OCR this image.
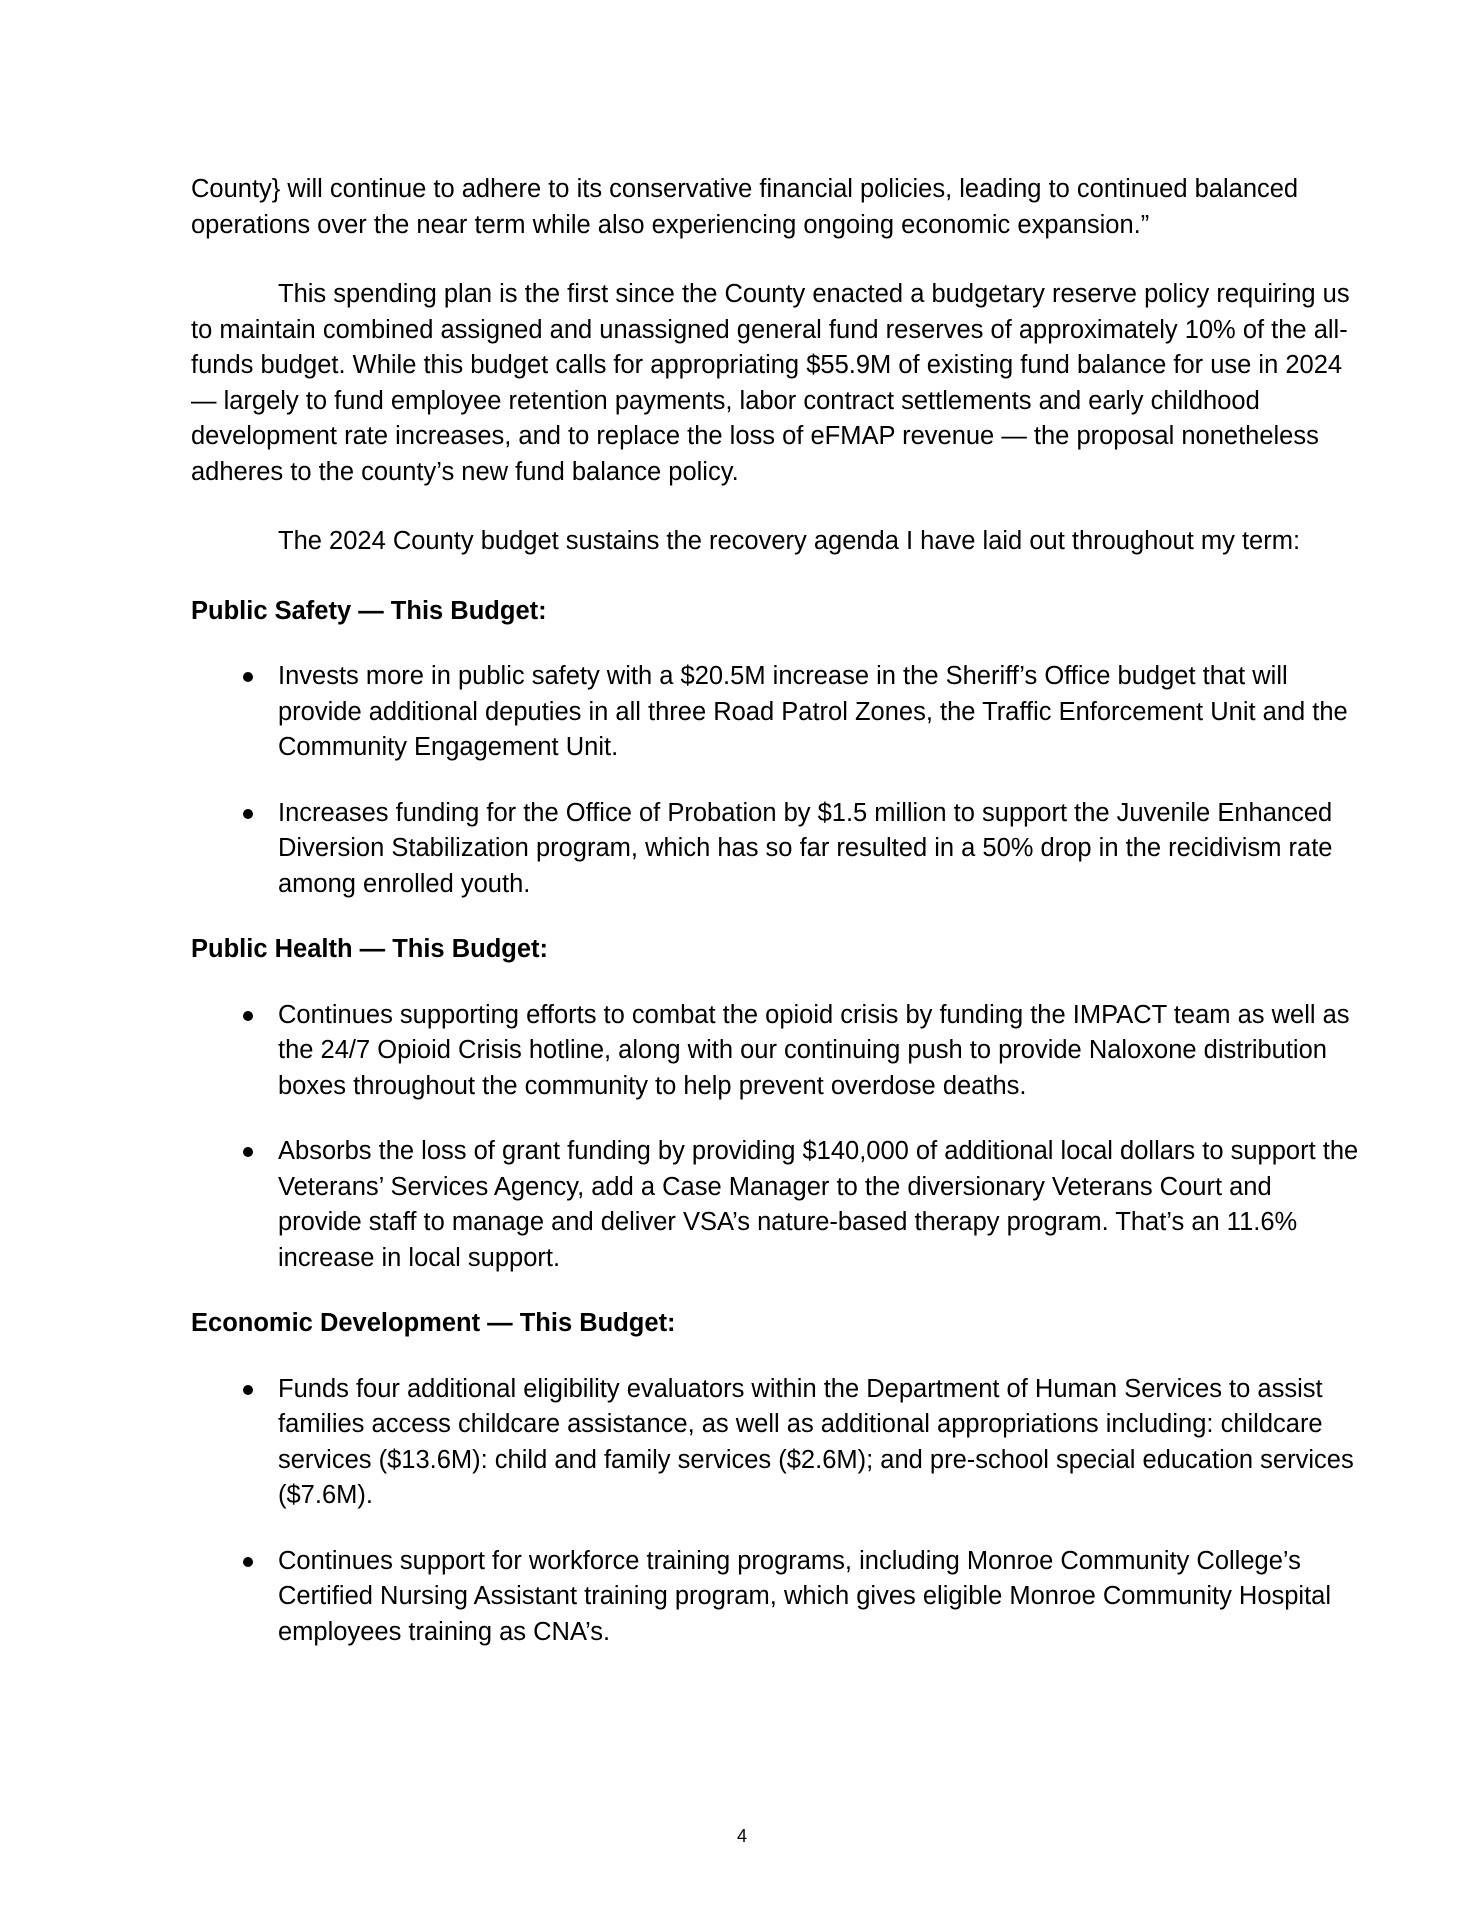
County} will continue to adhere to its conservative financial policies, leading to continued balanced operations over the near term while also experiencing ongoing economic expansion.”

This spending plan is the first since the County enacted a budgetary reserve policy requiring us to maintain combined assigned and unassigned general fund reserves of approximately 10% of the all-funds budget. While this budget calls for appropriating $55.9M of existing fund balance for use in 2024 — largely to fund employee retention payments, labor contract settlements and early childhood development rate increases, and to replace the loss of eFMAP revenue — the proposal nonetheless adheres to the county’s new fund balance policy.

The 2024 County budget sustains the recovery agenda I have laid out throughout my term:

Public Safety — This Budget:

Invests more in public safety with a $20.5M increase in the Sheriff’s Office budget that will provide additional deputies in all three Road Patrol Zones, the Traffic Enforcement Unit and the Community Engagement Unit.
Increases funding for the Office of Probation by $1.5 million to support the Juvenile Enhanced Diversion Stabilization program, which has so far resulted in a 50% drop in the recidivism rate among enrolled youth.

Public Health — This Budget:

Continues supporting efforts to combat the opioid crisis by funding the IMPACT team as well as the 24/7 Opioid Crisis hotline, along with our continuing push to provide Naloxone distribution boxes throughout the community to help prevent overdose deaths.
Absorbs the loss of grant funding by providing $140,000 of additional local dollars to support the Veterans’ Services Agency, add a Case Manager to the diversionary Veterans Court and provide staff to manage and deliver VSA’s nature-based therapy program. That’s an 11.6% increase in local support.

Economic Development — This Budget:

Funds four additional eligibility evaluators within the Department of Human Services to assist families access childcare assistance, as well as additional appropriations including: childcare services ($13.6M): child and family services ($2.6M); and pre-school special education services ($7.6M).
Continues support for workforce training programs, including Monroe Community College’s Certified Nursing Assistant training program, which gives eligible Monroe Community Hospital employees training as CNA’s.
4
